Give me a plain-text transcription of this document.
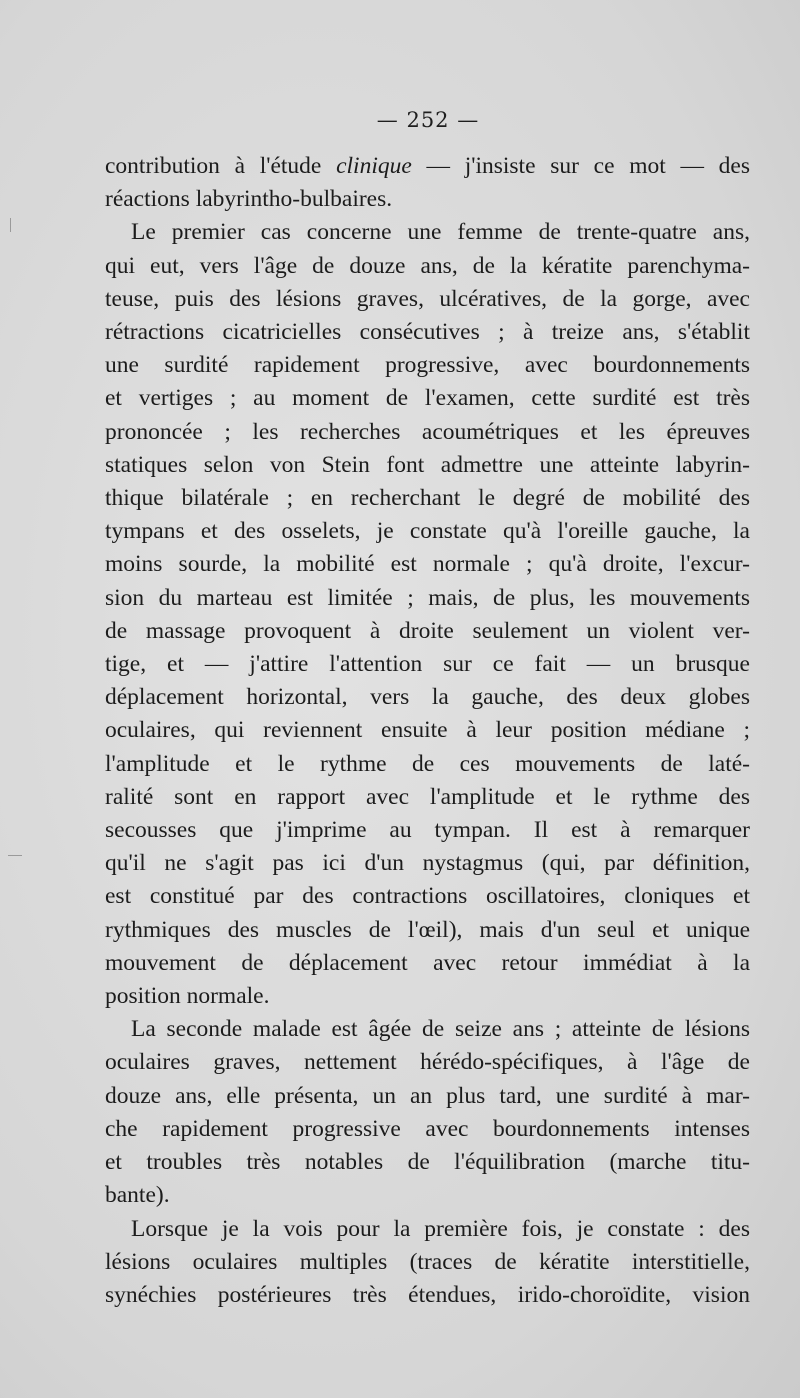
— 252 —

contribution à l'étude clinique — j'insiste sur ce mot — des
réactions labyrintho-bulbaires.

Le premier cas concerne une femme de trente-quatre ans,
qui eut, vers l'âge de douze ans, de la kératite parenchyma-
teuse, puis des lésions graves, ulcératives, de la gorge, avec
rétractions cicatricielles consécutives ; à treize ans, s'établit
une surdité rapidement progressive, avec bourdonnements
et vertiges ; au moment de l'examen, cette surdité est très
prononcée ; les recherches acoumétriques et les épreuves
statiques selon von Stein font admettre une atteinte labyrin-
thique bilatérale ; en recherchant le degré de mobilité des
tympans et des osselets, je constate qu'à l'oreille gauche, la
moins sourde, la mobilité est normale ; qu'à droite, l'excur-
sion du marteau est limitée ; mais, de plus, les mouvements
de massage provoquent à droite seulement un violent ver-
tige, et — j'attire l'attention sur ce fait — un brusque
déplacement horizontal, vers la gauche, des deux globes
oculaires, qui reviennent ensuite à leur position médiane ;
l'amplitude et le rythme de ces mouvements de laté-
ralité sont en rapport avec l'amplitude et le rythme des
secousses que j'imprime au tympan. Il est à remarquer
qu'il ne s'agit pas ici d'un nystagmus (qui, par définition,
est constitué par des contractions oscillatoires, cloniques et
rythmiques des muscles de l'œil), mais d'un seul et unique
mouvement de déplacement avec retour immédiat à la
position normale.

La seconde malade est âgée de seize ans ; atteinte de lésions
oculaires graves, nettement hérédo-spécifiques, à l'âge de
douze ans, elle présenta, un an plus tard, une surdité à mar-
che rapidement progressive avec bourdonnements intenses
et troubles très notables de l'équilibration (marche titu-
bante).

Lorsque je la vois pour la première fois, je constate : des
lésions oculaires multiples (traces de kératite interstitielle,
synéchies postérieures très étendues, irido-choroïdite, vision
